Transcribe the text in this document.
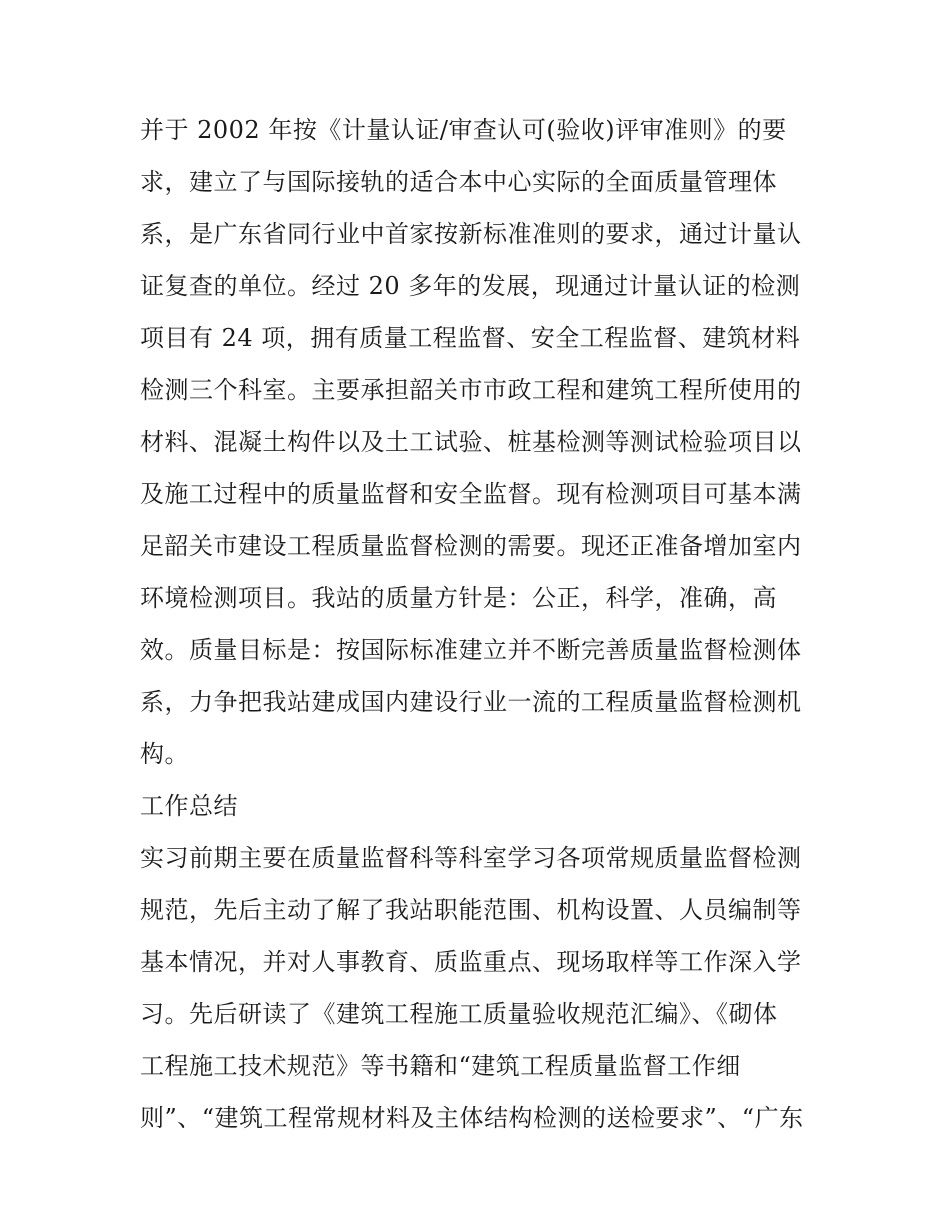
并于 2002 年按《计量认证/审查认可(验收)评审准则》的要
求，建立了与国际接轨的适合本中心实际的全面质量管理体
系，是广东省同行业中首家按新标准准则的要求，通过计量认
证复查的单位。经过 20 多年的发展，现通过计量认证的检测
项目有 24 项，拥有质量工程监督、安全工程监督、建筑材料
检测三个科室。主要承担韶关市市政工程和建筑工程所使用的
材料、混凝土构件以及土工试验、桩基检测等测试检验项目以
及施工过程中的质量监督和安全监督。现有检测项目可基本满
足韶关市建设工程质量监督检测的需要。现还正准备增加室内
环境检测项目。我站的质量方针是：公正，科学，准确，高
效。质量目标是：按国际标准建立并不断完善质量监督检测体
系，力争把我站建成国内建设行业一流的工程质量监督检测机
构。
工作总结
实习前期主要在质量监督科等科室学习各项常规质量监督检测
规范，先后主动了解了我站职能范围、机构设置、人员编制等
基本情况，并对人事教育、质监重点、现场取样等工作深入学
习。先后研读了《建筑工程施工质量验收规范汇编》、《砌体
工程施工技术规范》等书籍和“建筑工程质量监督工作细
则”、“建筑工程常规材料及主体结构检测的送检要求”、“广东
